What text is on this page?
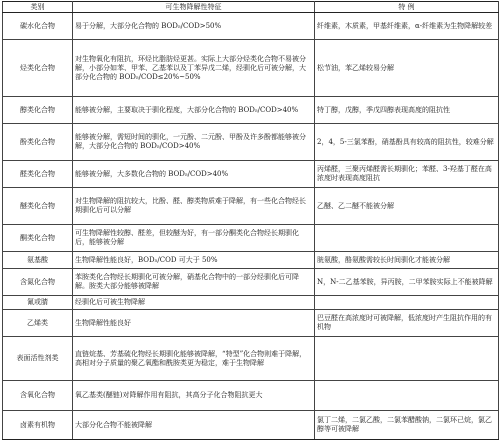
类别	可生物降解性特征	特 例
碳水化合物	易于分解，大部分化合物的 BOD₅/COD>50%	纤维素，木质素，甲基纤维素，α-纤维素为生物降解较差
烃类化合物	对生物氧化有阻抗，环烃比脂肪烃更甚。实际上大部分烃类化合物不易被分解，小部分如苯、甲苯、乙基苯以及丁苯异戊二烯，经驯化后可被分解，大部分化合物的 BOD₅/COD≤20%~50%	松节油，苯乙烯较易分解
醇类化合物	能够被分解，主要取决于驯化程度，大部分化合物的 BOD₅/COD>40%	特丁醇，戊醇，季戊四醇表现高度的阻抗性
酚类化合物	能够被分解，需短时间的驯化，一元酚、二元酚、甲酚及许多酚都能够被分解，大部分化合物的 BOD₅/COD>40%	2，4，5-三氯苯酚，硝基酚具有较高的阻抗性，较难分解
醛类化合物	能够被分解，大多数化合物的 BOD₅/COD>40%	丙烯醛，三聚丙烯醛需长期驯化；苯醛、3-羟基丁醛在高浓度时表现高度阻抗
醚类化合物	对生物降解的阻抗较大，比酚、醛、醇类物质难于降解，有一些化合物经长期驯化后可以分解	乙醚、乙二醚不能被分解
酮类化合物	可生物降解性较醇、醛差，但较醚为好，有一部分酮类化合物经长期驯化后，能够被分解	
氨基酸	生物降解性能良好，BOD₅/COD 可大于 50%	胱氨酸，酪氨酸需较长时间驯化才能被分解
含氮化合物	苯胺类化合物经长期驯化可被分解，硝基化合物中的一部分经驯化后可降解。胺类大部分能够被降解	N，N-二乙基苯胺，异丙胺，二甲苯胺实际上不能被降解
氰或腈	经驯化后可被生物降解	
乙烯类	生物降解性能良好	巴豆醛在高浓度时可被降解，低浓度时产生阻抗作用的有机物
表面活性剂类	直链烷基、芳基硫化物经长期驯化能够被降解，“特型”化合物则难于降解，高相对分子质量的聚乙氧酯和酰胺类更为稳定，难于生物降解	
含氧化合物	氧乙基类(醚链)对降解作用有阻抗，其高分子化合物阻抗更大	
卤素有机物	大部分化合物不能被降解	氯丁二烯，二氯乙酸，二氯苯醋酸钠，二氯环己烷，氯乙醇等可被降解
